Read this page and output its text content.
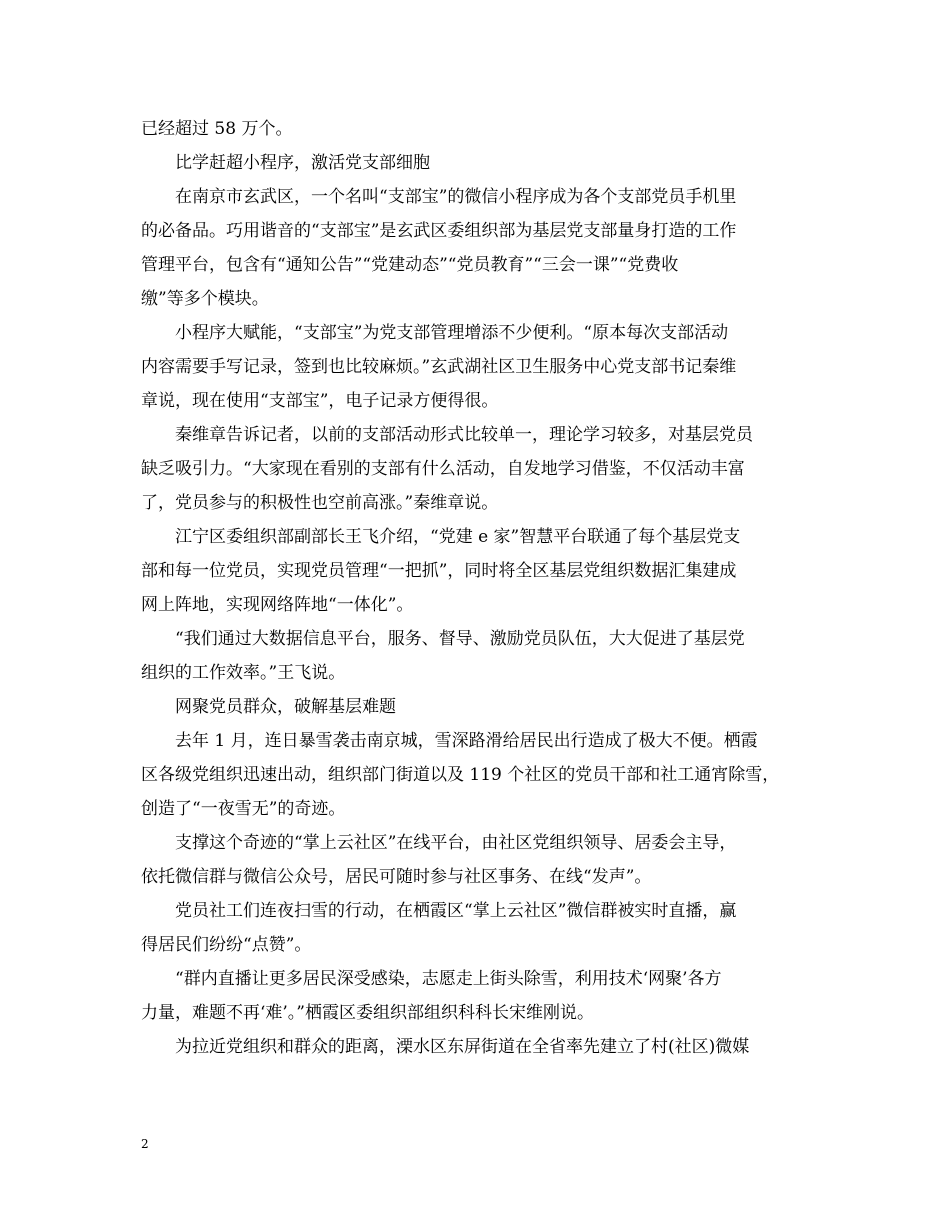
已经超过 58 万个。
比学赶超小程序，激活党支部细胞
在南京市玄武区，一个名叫“支部宝”的微信小程序成为各个支部党员手机里
的必备品。巧用谐音的“支部宝”是玄武区委组织部为基层党支部量身打造的工作
管理平台，包含有“通知公告”“党建动态”“党员教育”“三会一课”“党费收
缴”等多个模块。
小程序大赋能，“支部宝”为党支部管理增添不少便利。“原本每次支部活动
内容需要手写记录，签到也比较麻烦。”玄武湖社区卫生服务中心党支部书记秦维
章说，现在使用“支部宝”，电子记录方便得很。
秦维章告诉记者，以前的支部活动形式比较单一，理论学习较多，对基层党员
缺乏吸引力。“大家现在看别的支部有什么活动，自发地学习借鉴，不仅活动丰富
了，党员参与的积极性也空前高涨。”秦维章说。
江宁区委组织部副部长王飞介绍，“党建 e 家”智慧平台联通了每个基层党支
部和每一位党员，实现党员管理“一把抓”，同时将全区基层党组织数据汇集建成
网上阵地，实现网络阵地“一体化”。
“我们通过大数据信息平台，服务、督导、激励党员队伍，大大促进了基层党
组织的工作效率。”王飞说。
网聚党员群众，破解基层难题
去年 1 月，连日暴雪袭击南京城，雪深路滑给居民出行造成了极大不便。栖霞
区各级党组织迅速出动，组织部门街道以及 119 个社区的党员干部和社工通宵除雪，
创造了“一夜雪无”的奇迹。
支撑这个奇迹的“掌上云社区”在线平台，由社区党组织领导、居委会主导，
依托微信群与微信公众号，居民可随时参与社区事务、在线“发声”。
党员社工们连夜扫雪的行动，在栖霞区“掌上云社区”微信群被实时直播，赢
得居民们纷纷“点赞”。
“群内直播让更多居民深受感染，志愿走上街头除雪，利用技术‘网聚’各方
力量，难题不再‘难’。”栖霞区委组织部组织科科长宋维刚说。
为拉近党组织和群众的距离，溧水区东屏街道在全省率先建立了村(社区)微媒
2
